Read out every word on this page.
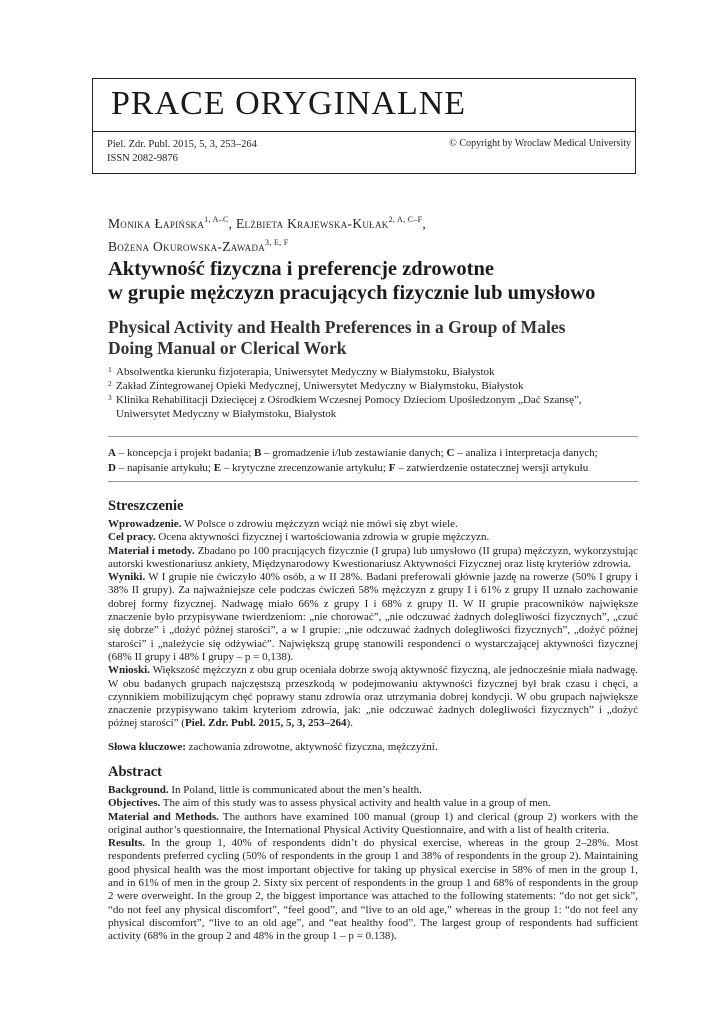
PRACE ORYGINALNE
Piel. Zdr. Publ. 2015, 5, 3, 253–264
ISSN 2082-9876
© Copyright by Wroclaw Medical University
Monika Łapińska$^{1, A-C}$, Elżbieta Krajewska-Kułak$^{2, A, C-F}$,
Bożena Okurowska-Zawada$^{3, E, F}$
Aktywność fizyczna i preferencje zdrowotne
w grupie mężczyzn pracujących fizycznie lub umysłowo
Physical Activity and Health Preferences in a Group of Males
Doing Manual or Clerical Work
1 Absolwentka kierunku fizjoterapia, Uniwersytet Medyczny w Białymstoku, Białystok
2 Zakład Zintegrowanej Opieki Medycznej, Uniwersytet Medyczny w Białymstoku, Białystok
3 Klinika Rehabilitacji Dziecięcej z Ośrodkiem Wczesnej Pomocy Dzieciom Upośledzonym „Dać Szansę”,
Uniwersytet Medyczny w Białymstoku, Białystok
A – koncepcja i projekt badania; B – gromadzenie i/lub zestawianie danych; C – analiza i interpretacja danych;
D – napisanie artykułu; E – krytyczne zrecenzowanie artykułu; F – zatwierdzenie ostatecznej wersji artykułu
Streszczenie

Wprowadzenie. W Polsce o zdrowiu mężczyzn wciąż nie mówi się zbyt wiele.

Cel pracy. Ocena aktywności fizycznej i wartościowania zdrowia w grupie mężczyzn.

Materiał i metody. Zbadano po 100 pracujących fizycznie (I grupa) lub umysłowo (II grupa) mężczyzn, wykorzystując autorski kwestionariusz ankiety, Międzynarodowy Kwestionariusz Aktywności Fizycznej oraz listę kryteriów zdrowia.

Wyniki. W I grupie nie ćwiczyło 40% osób, a w II 28%. Badani preferowali głównie jazdę na rowerze (50% I grupy i 38% II grupy). Za najważniejsze cele podczas ćwiczeń 58% mężczyzn z grupy I i 61% z grupy II uznało zachowanie dobrej formy fizycznej. Nadwagę miało 66% z grupy I i 68% z grupy II. W II grupie pracowników największe znaczenie było przypisywane twierdzeniom: „nie chorować”, „nie odczuwać żadnych dolegliwości fizycznych”, „czuć się dobrze” i „dożyć późnej starości”, a w I grupie: „nie odczuwać żadnych dolegliwości fizycznych”, „dożyć późnej starości” i „należycie się odżywiać”. Największą grupę stanowili respondenci o wystarczającej aktywności fizycznej (68% II grupy i 48% I grupy – p = 0,138).

Wnioski. Większość mężczyzn z obu grup oceniała dobrze swoją aktywność fizyczną, ale jednocześnie miała nadwagę. W obu badanych grupach najczęstszą przeszkodą w podejmowaniu aktywności fizycznej był brak czasu i chęci, a czynnikiem mobilizującym chęć poprawy stanu zdrowia oraz utrzymania dobrej kondycji. W obu grupach największe znaczenie przypisywano takim kryteriom zdrowia, jak: „nie odczuwać żadnych dolegliwości fizycznych” i „dożyć późnej starości” (Piel. Zdr. Publ. 2015, 5, 3, 253–264).

Słowa kluczowe: zachowania zdrowotne, aktywność fizyczna, mężczyźni.

Abstract

Background. In Poland, little is communicated about the men’s health.

Objectives. The aim of this study was to assess physical activity and health value in a group of men.

Material and Methods. The authors have examined 100 manual (group 1) and clerical (group 2) workers with the original author’s questionnaire, the International Physical Activity Questionnaire, and with a list of health criteria.

Results. In the group 1, 40% of respondents didn’t do physical exercise, whereas in the group 2–28%. Most respondents preferred cycling (50% of respondents in the group 1 and 38% of respondents in the group 2). Maintaining good physical health was the most important objective for taking up physical exercise in 58% of men in the group 1, and in 61% of men in the group 2. Sixty six percent of respondents in the group 1 and 68% of respondents in the group 2 were overweight. In the group 2, the biggest importance was attached to the following statements: “do not get sick”, “do not feel any physical discomfort”, “feel good”, and “live to an old age,” whereas in the group 1: “do not feel any physical discomfort”, “live to an old age”, and “eat healthy food”. The largest group of respondents had sufficient activity (68% in the group 2 and 48% in the group 1 – p = 0.138).
